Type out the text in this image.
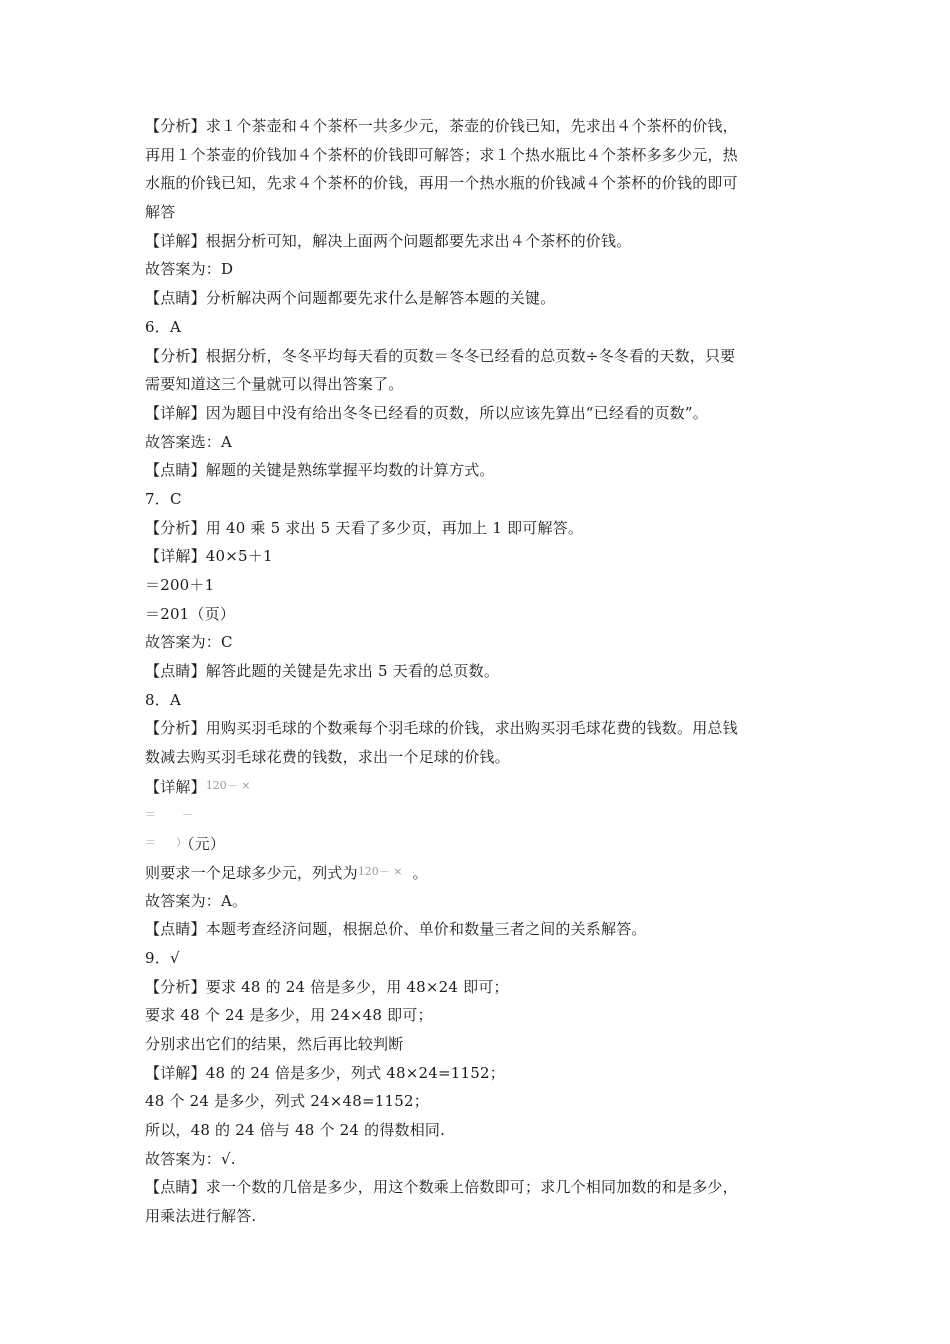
【分析】求１个茶壶和４个茶杯一共多少元，茶壶的价钱已知，先求出４个茶杯的价钱，
再用１个茶壶的价钱加４个茶杯的价钱即可解答；求１个热水瓶比４个茶杯多多少元，热
水瓶的价钱已知，先求４个茶杯的价钱，再用一个热水瓶的价钱减４个茶杯的价钱的即可
解答
【详解】根据分析可知，解决上面两个问题都要先求出４个茶杯的价钱。
故答案为：D
【点睛】分析解决两个问题都要先求什么是解答本题的关键。
6．A
【分析】根据分析，冬冬平均每天看的页数＝冬冬已经看的总页数÷冬冬看的天数，只要
需要知道这三个量就可以得出答案了。
【详解】因为题目中没有给出冬冬已经看的页数，所以应该先算出“已经看的页数”。
故答案选：A
【点睛】解题的关键是熟练掌握平均数的计算方式。
7．C
【分析】用 40 乘 5 求出 5 天看了多少页，再加上 1 即可解答。
【详解】40×5＋1
＝200＋1
＝201（页）
故答案为：C
【点睛】解答此题的关键是先求出 5 天看的总页数。
8．A
【分析】用购买羽毛球的个数乘每个羽毛球的价钱，求出购买羽毛球花费的钱数。用总钱
数减去购买羽毛球花费的钱数，求出一个足球的价钱。
【详解】$^{120- \times}$
＝ －
＝ ）（元）
则要求一个足球多少元，列式为$^{120- \times}$ 。
故答案为：A。
【点睛】本题考查经济问题，根据总价、单价和数量三者之间的关系解答。
9．√
【分析】要求 48 的 24 倍是多少，用 48×24 即可；
要求 48 个 24 是多少，用 24×48 即可；
分别求出它们的结果，然后再比较判断
【详解】48 的 24 倍是多少，列式 48×24=1152；
48 个 24 是多少，列式 24×48=1152；
所以，48 的 24 倍与 48 个 24 的得数相同.
故答案为：√.
【点睛】求一个数的几倍是多少，用这个数乘上倍数即可；求几个相同加数的和是多少，
用乘法进行解答.
